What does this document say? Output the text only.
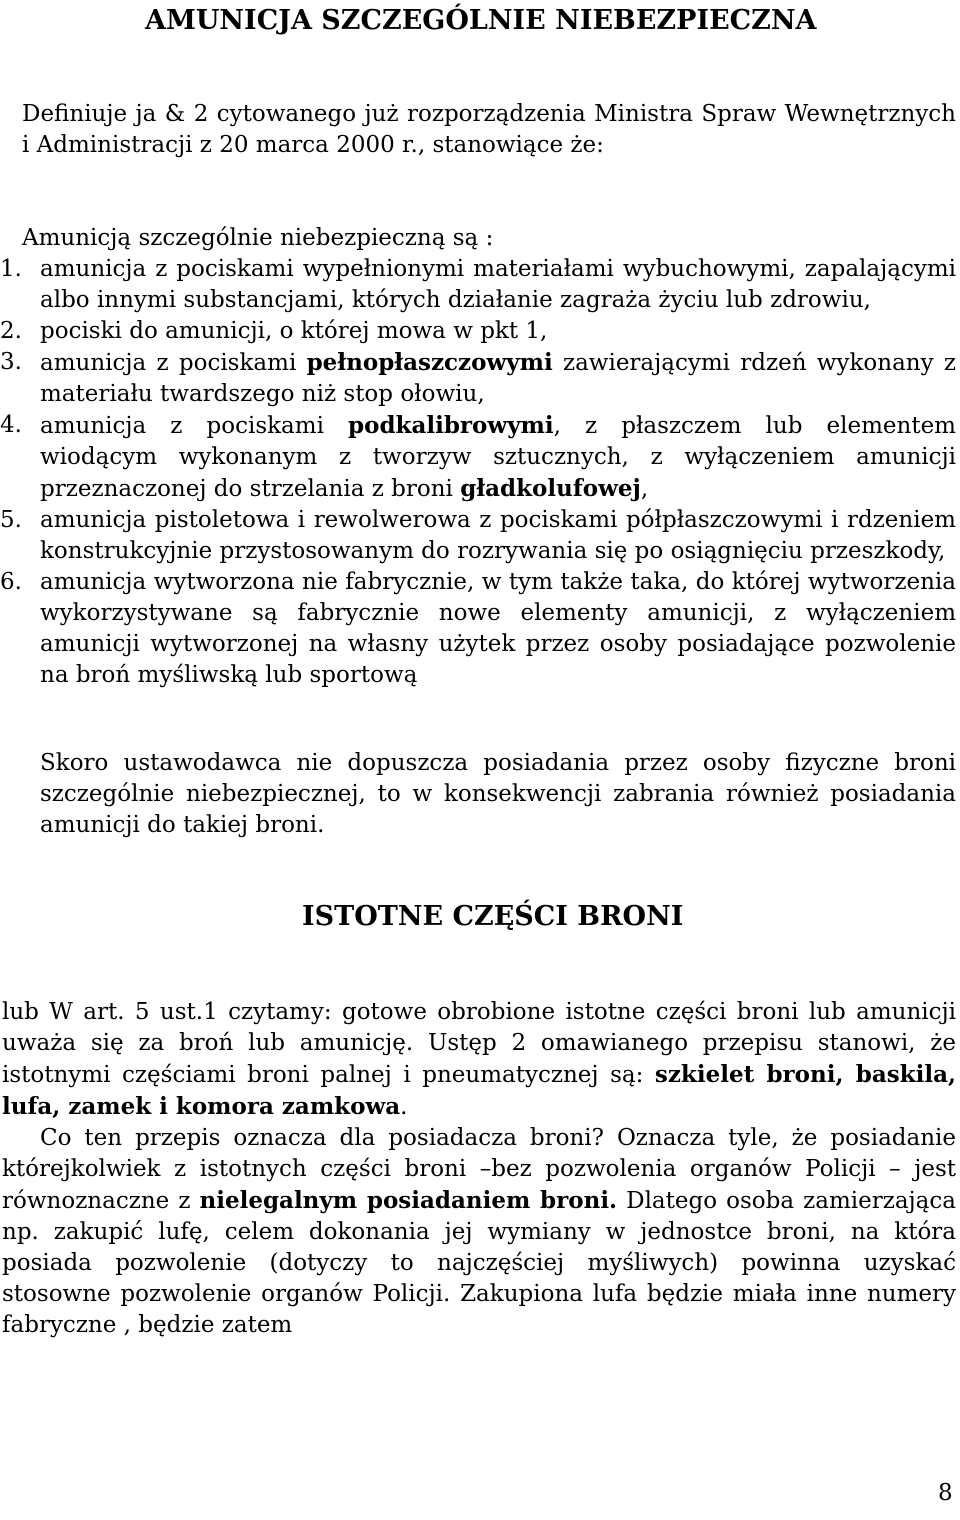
AMUNICJA SZCZEGÓLNIE NIEBEZPIECZNA

Definiuje ja & 2 cytowanego już rozporządzenia Ministra Spraw Wewnętrznych i Administracji z 20 marca 2000 r., stanowiące że:

Amunicją szczególnie niebezpieczną są :

1. amunicja z pociskami wypełnionymi materiałami wybuchowymi, zapalającymi albo innymi substancjami, których działanie zagraża życiu lub zdrowiu,
2. pociski do amunicji, o której mowa w pkt 1,
3. amunicja z pociskami pełnopłaszczowymi zawierającymi rdzeń wykonany z materiału twardszego niż stop ołowiu,
4. amunicja z pociskami podkalibrowymi, z płaszczem lub elementem wiodącym wykonanym z tworzyw sztucznych, z wyłączeniem amunicji przeznaczonej do strzelania z broni gładkolufowej,
5. amunicja pistoletowa i rewolwerowa z pociskami półpłaszczowymi i rdzeniem konstrukcyjnie przystosowanym do rozrywania się po osiągnięciu przeszkody,
6. amunicja wytworzona nie fabrycznie, w tym także taka, do której wytworzenia wykorzystywane są fabrycznie nowe elementy amunicji, z wyłączeniem amunicji wytworzonej na własny użytek przez osoby posiadające pozwolenie na broń myśliwską lub sportową

Skoro ustawodawca nie dopuszcza posiadania przez osoby fizyczne broni szczególnie niebezpiecznej, to w konsekwencji zabrania również posiadania amunicji do takiej broni.

ISTOTNE CZĘŚCI BRONI

lub W art. 5 ust.1 czytamy: gotowe obrobione istotne części broni lub amunicji uważa się za broń lub amunicję. Ustęp 2 omawianego przepisu stanowi, że istotnymi częściami broni palnej i pneumatycznej są: szkielet broni, baskila, lufa, zamek i komora zamkowa.

Co ten przepis oznacza dla posiadacza broni? Oznacza tyle, że posiadanie którejkolwiek z istotnych części broni –bez pozwolenia organów Policji – jest równoznaczne z nielegalnym posiadaniem broni. Dlatego osoba zamierzająca np. zakupić lufę, celem dokonania jej wymiany w jednostce broni, na która posiada pozwolenie (dotyczy to najczęściej myśliwych) powinna uzyskać stosowne pozwolenie organów Policji. Zakupiona lufa będzie miała inne numery fabryczne , będzie zatem

8
